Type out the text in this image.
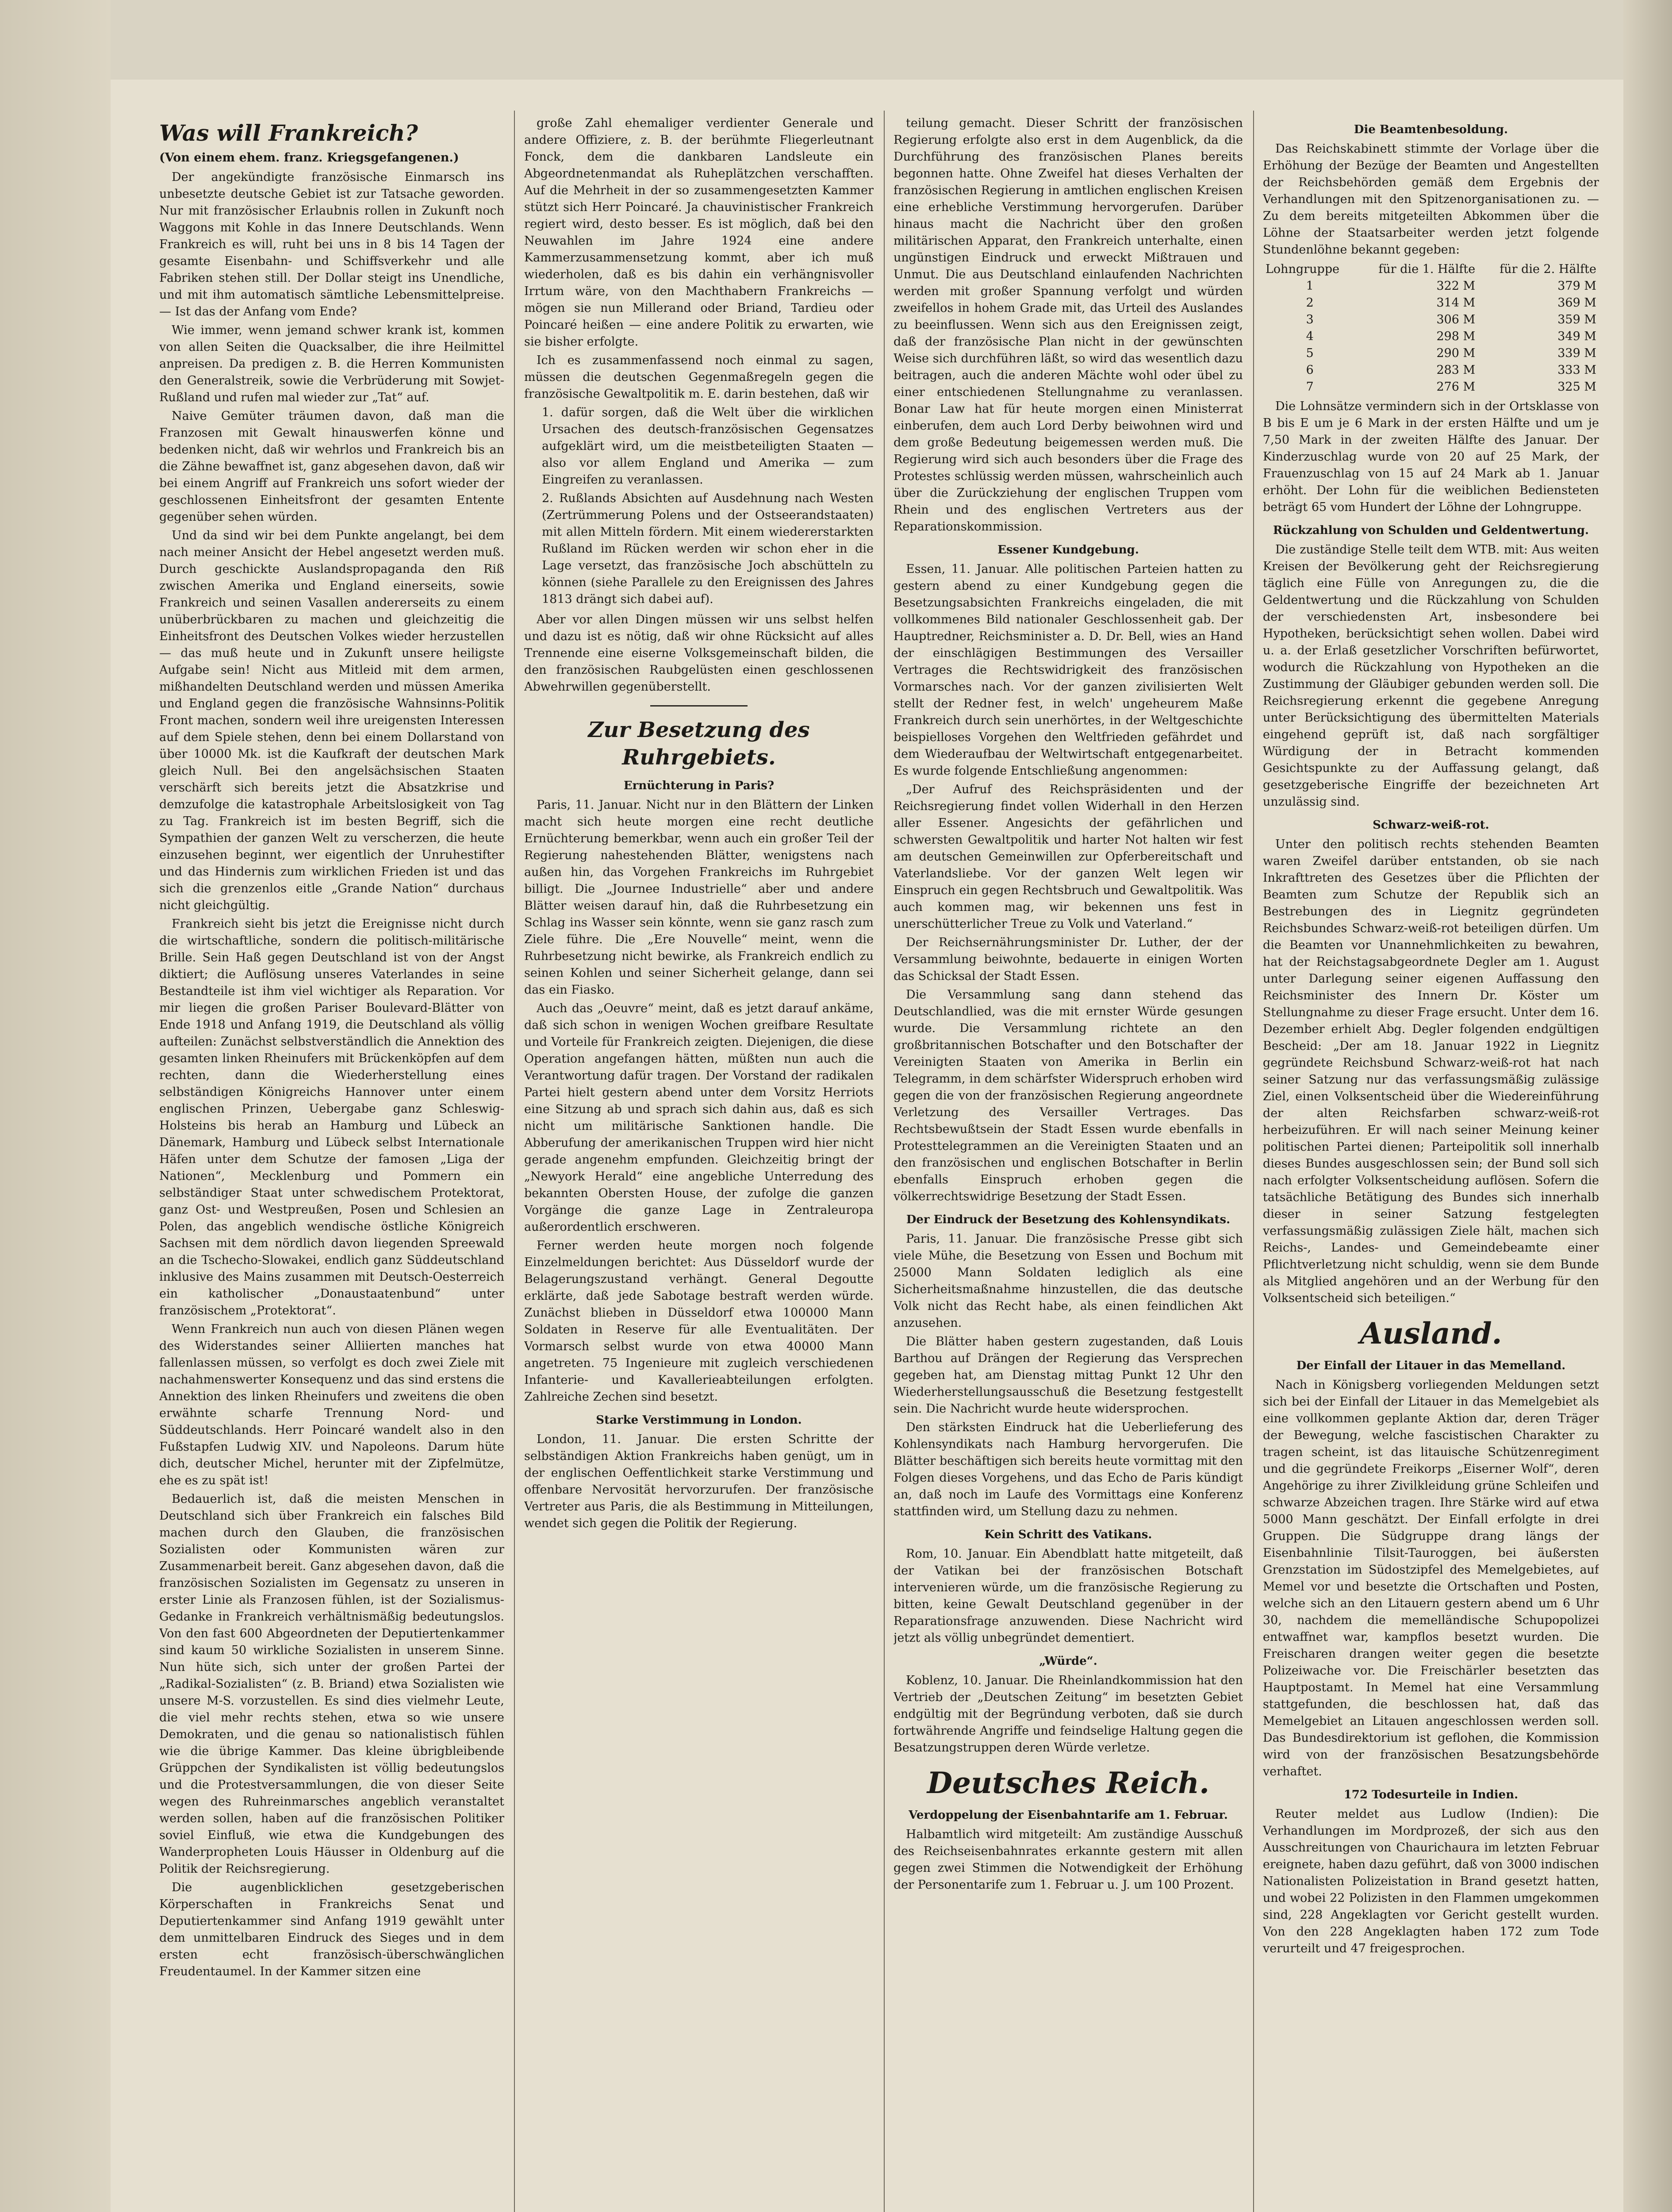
Was will Frankreich?
(Von einem ehem. franz. Kriegsgefangenen.)

Der angekündigte französische Einmarsch ins unbesetzte deutsche Gebiet ist zur Tatsache geworden. Nur mit französischer Erlaubnis rollen in Zukunft noch Waggons mit Kohle in das Innere Deutschlands. Wenn Frankreich es will, ruht bei uns in 8 bis 14 Tagen der gesamte Eisenbahn- und Schiffsverkehr und alle Fabriken stehen still. Der Dollar steigt ins Unendliche, und mit ihm automatisch sämtliche Lebensmittelpreise. — Ist das der Anfang vom Ende?

Wie immer, wenn jemand schwer krank ist, kommen von allen Seiten die Quacksalber, die ihre Heilmittel anpreisen. Da predigen z. B. die Herren Kommunisten den Generalstreik, sowie die Verbrüderung mit Sowjet-Rußland und rufen mal wieder zur „Tat“ auf.

Naive Gemüter träumen davon, daß man die Franzosen mit Gewalt hinauswerfen könne und bedenken nicht, daß wir wehrlos und Frankreich bis an die Zähne bewaffnet ist, ganz abgesehen davon, daß wir bei einem Angriff auf Frankreich uns sofort wieder der geschlossenen Einheitsfront der gesamten Entente gegenüber sehen würden.

Und da sind wir bei dem Punkte angelangt, bei dem nach meiner Ansicht der Hebel angesetzt werden muß. Durch geschickte Auslandspropaganda den Riß zwischen Amerika und England einerseits, sowie Frankreich und seinen Vasallen andererseits zu einem unüberbrückbaren zu machen und gleichzeitig die Einheitsfront des Deutschen Volkes wieder herzustellen — das muß heute und in Zukunft unsere heiligste Aufgabe sein! Nicht aus Mitleid mit dem armen, mißhandelten Deutschland werden und müssen Amerika und England gegen die französische Wahnsinns-Politik Front machen, sondern weil ihre ureigensten Interessen auf dem Spiele stehen, denn bei einem Dollarstand von über 10000 Mk. ist die Kaufkraft der deutschen Mark gleich Null. Bei den angelsächsischen Staaten verschärft sich bereits jetzt die Absatzkrise und demzufolge die katastrophale Arbeitslosigkeit von Tag zu Tag. Frankreich ist im besten Begriff, sich die Sympathien der ganzen Welt zu verscherzen, die heute einzusehen beginnt, wer eigentlich der Unruhestifter und das Hindernis zum wirklichen Frieden ist und das sich die grenzenlos eitle „Grande Nation“ durchaus nicht gleichgültig.

Frankreich sieht bis jetzt die Ereignisse nicht durch die wirtschaftliche, sondern die politisch-militärische Brille. Sein Haß gegen Deutschland ist von der Angst diktiert; die Auflösung unseres Vaterlandes in seine Bestandteile ist ihm viel wichtiger als Reparation. Vor mir liegen die großen Pariser Boulevard-Blätter von Ende 1918 und Anfang 1919, die Deutschland als völlig aufteilen: Zunächst selbstverständlich die Annektion des gesamten linken Rheinufers mit Brückenköpfen auf dem rechten, dann die Wiederherstellung eines selbständigen Königreichs Hannover unter einem englischen Prinzen, Uebergabe ganz Schleswig-Holsteins bis herab an Hamburg und Lübeck an Dänemark, Hamburg und Lübeck selbst Internationale Häfen unter dem Schutze der famosen „Liga der Nationen“, Mecklenburg und Pommern ein selbständiger Staat unter schwedischem Protektorat, ganz Ost- und Westpreußen, Posen und Schlesien an Polen, das angeblich wendische östliche Königreich Sachsen mit dem nördlich davon liegenden Spreewald an die Tschecho-Slowakei, endlich ganz Süddeutschland inklusive des Mains zusammen mit Deutsch-Oesterreich ein katholischer „Donaustaatenbund“ unter französischem „Protektorat“.

Wenn Frankreich nun auch von diesen Plänen wegen des Widerstandes seiner Alliierten manches hat fallenlassen müssen, so verfolgt es doch zwei Ziele mit nachahmenswerter Konsequenz und das sind erstens die Annektion des linken Rheinufers und zweitens die oben erwähnte scharfe Trennung Nord- und Süddeutschlands. Herr Poincaré wandelt also in den Fußstapfen Ludwig XIV. und Napoleons. Darum hüte dich, deutscher Michel, herunter mit der Zipfelmütze, ehe es zu spät ist!

Bedauerlich ist, daß die meisten Menschen in Deutschland sich über Frankreich ein falsches Bild machen durch den Glauben, die französischen Sozialisten oder Kommunisten wären zur Zusammenarbeit bereit. Ganz abgesehen davon, daß die französischen Sozialisten im Gegensatz zu unseren in erster Linie als Franzosen fühlen, ist der Sozialismus-Gedanke in Frankreich verhältnismäßig bedeutungslos. Von den fast 600 Abgeordneten der Deputiertenkammer sind kaum 50 wirkliche Sozialisten in unserem Sinne. Nun hüte sich, sich unter der großen Partei der „Radikal-Sozialisten“ (z. B. Briand) etwa Sozialisten wie unsere M-S. vorzustellen. Es sind dies vielmehr Leute, die viel mehr rechts stehen, etwa so wie unsere Demokraten, und die genau so nationalistisch fühlen wie die übrige Kammer. Das kleine übrigbleibende Grüppchen der Syndikalisten ist völlig bedeutungslos und die Protestversammlungen, die von dieser Seite wegen des Ruhreinmarsches angeblich veranstaltet werden sollen, haben auf die französischen Politiker soviel Einfluß, wie etwa die Kundgebungen des Wanderpropheten Louis Häusser in Oldenburg auf die Politik der Reichsregierung.

Die augenblicklichen gesetzgeberischen Körperschaften in Frankreichs Senat und Deputiertenkammer sind Anfang 1919 gewählt unter dem unmittelbaren Eindruck des Sieges und in dem ersten echt französisch-überschwänglichen Freudentaumel. In der Kammer sitzen eine

große Zahl ehemaliger verdienter Generale und andere Offiziere, z. B. der berühmte Fliegerleutnant Fonck, dem die dankbaren Landsleute ein Abgeordnetenmandat als Ruheplätzchen verschafften. Auf die Mehrheit in der so zusammengesetzten Kammer stützt sich Herr Poincaré. Ja chauvinistischer Frankreich regiert wird, desto besser. Es ist möglich, daß bei den Neuwahlen im Jahre 1924 eine andere Kammerzusammensetzung kommt, aber ich muß wiederholen, daß es bis dahin ein verhängnisvoller Irrtum wäre, von den Machthabern Frankreichs — mögen sie nun Millerand oder Briand, Tardieu oder Poincaré heißen — eine andere Politik zu erwarten, wie sie bisher erfolgte.

Ich es zusammenfassend noch einmal zu sagen, müssen die deutschen Gegenmaßregeln gegen die französische Gewaltpolitik m. E. darin bestehen, daß wir

1. dafür sorgen, daß die Welt über die wirklichen Ursachen des deutsch-französischen Gegensatzes aufgeklärt wird, um die meistbeteiligten Staaten — also vor allem England und Amerika — zum Eingreifen zu veranlassen.
2. Rußlands Absichten auf Ausdehnung nach Westen (Zertrümmerung Polens und der Ostseerandstaaten) mit allen Mitteln fördern. Mit einem wiedererstarkten Rußland im Rücken werden wir schon eher in die Lage versetzt, das französische Joch abschütteln zu können (siehe Parallele zu den Ereignissen des Jahres 1813 drängt sich dabei auf).

Aber vor allen Dingen müssen wir uns selbst helfen und dazu ist es nötig, daß wir ohne Rücksicht auf alles Trennende eine eiserne Volksgemeinschaft bilden, die den französischen Raubgelüsten einen geschlossenen Abwehrwillen gegenüberstellt.

Zur Besetzung des Ruhrgebiets.
Ernüchterung in Paris?

Paris, 11. Januar. Nicht nur in den Blättern der Linken macht sich heute morgen eine recht deutliche Ernüchterung bemerkbar, wenn auch ein großer Teil der Regierung nahestehenden Blätter, wenigstens nach außen hin, das Vorgehen Frankreichs im Ruhrgebiet billigt. Die „Journee Industrielle“ aber und andere Blätter weisen darauf hin, daß die Ruhrbesetzung ein Schlag ins Wasser sein könnte, wenn sie ganz rasch zum Ziele führe. Die „Ere Nouvelle“ meint, wenn die Ruhrbesetzung nicht bewirke, als Frankreich endlich zu seinen Kohlen und seiner Sicherheit gelange, dann sei das ein Fiasko.

Auch das „Oeuvre“ meint, daß es jetzt darauf ankäme, daß sich schon in wenigen Wochen greifbare Resultate und Vorteile für Frankreich zeigten. Diejenigen, die diese Operation angefangen hätten, müßten nun auch die Verantwortung dafür tragen. Der Vorstand der radikalen Partei hielt gestern abend unter dem Vorsitz Herriots eine Sitzung ab und sprach sich dahin aus, daß es sich nicht um militärische Sanktionen handle. Die Abberufung der amerikanischen Truppen wird hier nicht gerade angenehm empfunden. Gleichzeitig bringt der „Newyork Herald“ eine angebliche Unterredung des bekannten Obersten House, der zufolge die ganzen Vorgänge die ganze Lage in Zentraleuropa außerordentlich erschweren.

Ferner werden heute morgen noch folgende Einzelmeldungen berichtet: Aus Düsseldorf wurde der Belagerungszustand verhängt. General Degoutte erklärte, daß jede Sabotage bestraft werden würde. Zunächst blieben in Düsseldorf etwa 100000 Mann Soldaten in Reserve für alle Eventualitäten. Der Vormarsch selbst wurde von etwa 40000 Mann angetreten. 75 Ingenieure mit zugleich verschiedenen Infanterie- und Kavallerieabteilungen erfolgten. Zahlreiche Zechen sind besetzt.

Starke Verstimmung in London.

London, 11. Januar. Die ersten Schritte der selbständigen Aktion Frankreichs haben genügt, um in der englischen Oeffentlichkeit starke Verstimmung und offenbare Nervosität hervorzurufen. Der französische Vertreter aus Paris, die als Bestimmung in Mitteilungen, wendet sich gegen die Politik der Regierung.

teilung gemacht. Dieser Schritt der französischen Regierung erfolgte also erst in dem Augenblick, da die Durchführung des französischen Planes bereits begonnen hatte. Ohne Zweifel hat dieses Verhalten der französischen Regierung in amtlichen englischen Kreisen eine erhebliche Verstimmung hervorgerufen. Darüber hinaus macht die Nachricht über den großen militärischen Apparat, den Frankreich unterhalte, einen ungünstigen Eindruck und erweckt Mißtrauen und Unmut. Die aus Deutschland einlaufenden Nachrichten werden mit großer Spannung verfolgt und würden zweifellos in hohem Grade mit, das Urteil des Auslandes zu beeinflussen. Wenn sich aus den Ereignissen zeigt, daß der französische Plan nicht in der gewünschten Weise sich durchführen läßt, so wird das wesentlich dazu beitragen, auch die anderen Mächte wohl oder übel zu einer entschiedenen Stellungnahme zu veranlassen. Bonar Law hat für heute morgen einen Ministerrat einberufen, dem auch Lord Derby beiwohnen wird und dem große Bedeutung beigemessen werden muß. Die Regierung wird sich auch besonders über die Frage des Protestes schlüssig werden müssen, wahrscheinlich auch über die Zurückziehung der englischen Truppen vom Rhein und des englischen Vertreters aus der Reparationskommission.

Essener Kundgebung.

Essen, 11. Januar. Alle politischen Parteien hatten zu gestern abend zu einer Kundgebung gegen die Besetzungsabsichten Frankreichs eingeladen, die mit vollkommenes Bild nationaler Geschlossenheit gab. Der Hauptredner, Reichsminister a. D. Dr. Bell, wies an Hand der einschlägigen Bestimmungen des Versailler Vertrages die Rechtswidrigkeit des französischen Vormarsches nach. Vor der ganzen zivilisierten Welt stellt der Redner fest, in welch' ungeheurem Maße Frankreich durch sein unerhörtes, in der Weltgeschichte beispielloses Vorgehen den Weltfrieden gefährdet und dem Wiederaufbau der Weltwirtschaft entgegenarbeitet. Es wurde folgende Entschließung angenommen:

„Der Aufruf des Reichspräsidenten und der Reichsregierung findet vollen Widerhall in den Herzen aller Essener. Angesichts der gefährlichen und schwersten Gewaltpolitik und harter Not halten wir fest am deutschen Gemeinwillen zur Opferbereitschaft und Vaterlandsliebe. Vor der ganzen Welt legen wir Einspruch ein gegen Rechtsbruch und Gewaltpolitik. Was auch kommen mag, wir bekennen uns fest in unerschütterlicher Treue zu Volk und Vaterland.“

Der Reichsernährungsminister Dr. Luther, der der Versammlung beiwohnte, bedauerte in einigen Worten das Schicksal der Stadt Essen.

Die Versammlung sang dann stehend das Deutschlandlied, was die mit ernster Würde gesungen wurde. Die Versammlung richtete an den großbritannischen Botschafter und den Botschafter der Vereinigten Staaten von Amerika in Berlin ein Telegramm, in dem schärfster Widerspruch erhoben wird gegen die von der französischen Regierung angeordnete Verletzung des Versailler Vertrages. Das Rechtsbewußtsein der Stadt Essen wurde ebenfalls in Protesttelegrammen an die Vereinigten Staaten und an den französischen und englischen Botschafter in Berlin ebenfalls Einspruch erhoben gegen die völkerrechtswidrige Besetzung der Stadt Essen.

Der Eindruck der Besetzung des Kohlensyndikats.

Paris, 11. Januar. Die französische Presse gibt sich viele Mühe, die Besetzung von Essen und Bochum mit 25000 Mann Soldaten lediglich als eine Sicherheitsmaßnahme hinzustellen, die das deutsche Volk nicht das Recht habe, als einen feindlichen Akt anzusehen.

Die Blätter haben gestern zugestanden, daß Louis Barthou auf Drängen der Regierung das Versprechen gegeben hat, am Dienstag mittag Punkt 12 Uhr den Wiederherstellungsausschuß die Besetzung festgestellt sein. Die Nachricht wurde heute widersprochen.

Den stärksten Eindruck hat die Ueberlieferung des Kohlensyndikats nach Hamburg hervorgerufen. Die Blätter beschäftigen sich bereits heute vormittag mit den Folgen dieses Vorgehens, und das Echo de Paris kündigt an, daß noch im Laufe des Vormittags eine Konferenz stattfinden wird, um Stellung dazu zu nehmen.

Kein Schritt des Vatikans.

Rom, 10. Januar. Ein Abendblatt hatte mitgeteilt, daß der Vatikan bei der französischen Botschaft intervenieren würde, um die französische Regierung zu bitten, keine Gewalt Deutschland gegenüber in der Reparationsfrage anzuwenden. Diese Nachricht wird jetzt als völlig unbegründet dementiert.

„Würde“.

Koblenz, 10. Januar. Die Rheinlandkommission hat den Vertrieb der „Deutschen Zeitung“ im besetzten Gebiet endgültig mit der Begründung verboten, daß sie durch fortwährende Angriffe und feindselige Haltung gegen die Besatzungstruppen deren Würde verletze.

Deutsches Reich.
Verdoppelung der Eisenbahntarife am 1. Februar.

Halbamtlich wird mitgeteilt: Am zuständige Ausschuß des Reichseisenbahnrates erkannte gestern mit allen gegen zwei Stimmen die Notwendigkeit der Erhöhung der Personentarife zum 1. Februar u. J. um 100 Prozent.

Die Beamtenbesoldung.

Das Reichskabinett stimmte der Vorlage über die Erhöhung der Bezüge der Beamten und Angestellten der Reichsbehörden gemäß dem Ergebnis der Verhandlungen mit den Spitzenorganisationen zu. — Zu dem bereits mitgeteilten Abkommen über die Löhne der Staatsarbeiter werden jetzt folgende Stundenlöhne bekannt gegeben:

Lohngruppe	für die 1. Hälfte	für die 2. Hälfte
1	322 M	379 M
2	314 M	369 M
3	306 M	359 M
4	298 M	349 M
5	290 M	339 M
6	283 M	333 M
7	276 M	325 M

Die Lohnsätze vermindern sich in der Ortsklasse von B bis E um je 6 Mark in der ersten Hälfte und um je 7,50 Mark in der zweiten Hälfte des Januar. Der Kinderzuschlag wurde von 20 auf 25 Mark, der Frauenzuschlag von 15 auf 24 Mark ab 1. Januar erhöht. Der Lohn für die weiblichen Bediensteten beträgt 65 vom Hundert der Löhne der Lohngruppe.

Rückzahlung von Schulden und Geldentwertung.

Die zuständige Stelle teilt dem WTB. mit: Aus weiten Kreisen der Bevölkerung geht der Reichsregierung täglich eine Fülle von Anregungen zu, die die Geldentwertung und die Rückzahlung von Schulden der verschiedensten Art, insbesondere bei Hypotheken, berücksichtigt sehen wollen. Dabei wird u. a. der Erlaß gesetzlicher Vorschriften befürwortet, wodurch die Rückzahlung von Hypotheken an die Zustimmung der Gläubiger gebunden werden soll. Die Reichsregierung erkennt die gegebene Anregung unter Berücksichtigung des übermittelten Materials eingehend geprüft ist, daß nach sorgfältiger Würdigung der in Betracht kommenden Gesichtspunkte zu der Auffassung gelangt, daß gesetzgeberische Eingriffe der bezeichneten Art unzulässig sind.

Schwarz-weiß-rot.

Unter den politisch rechts stehenden Beamten waren Zweifel darüber entstanden, ob sie nach Inkrafttreten des Gesetzes über die Pflichten der Beamten zum Schutze der Republik sich an Bestrebungen des in Liegnitz gegründeten Reichsbundes Schwarz-weiß-rot beteiligen dürfen. Um die Beamten vor Unannehmlichkeiten zu bewahren, hat der Reichstagsabgeordnete Degler am 1. August unter Darlegung seiner eigenen Auffassung den Reichsminister des Innern Dr. Köster um Stellungnahme zu dieser Frage ersucht. Unter dem 16. Dezember erhielt Abg. Degler folgenden endgültigen Bescheid: „Der am 18. Januar 1922 in Liegnitz gegründete Reichsbund Schwarz-weiß-rot hat nach seiner Satzung nur das verfassungsmäßig zulässige Ziel, einen Volksentscheid über die Wiedereinführung der alten Reichsfarben schwarz-weiß-rot herbeizuführen. Er will nach seiner Meinung keiner politischen Partei dienen; Parteipolitik soll innerhalb dieses Bundes ausgeschlossen sein; der Bund soll sich nach erfolgter Volksentscheidung auflösen. Sofern die tatsächliche Betätigung des Bundes sich innerhalb dieser in seiner Satzung festgelegten verfassungsmäßig zulässigen Ziele hält, machen sich Reichs-, Landes- und Gemeindebeamte einer Pflichtverletzung nicht schuldig, wenn sie dem Bunde als Mitglied angehören und an der Werbung für den Volksentscheid sich beteiligen.“

Ausland.
Der Einfall der Litauer in das Memelland.

Nach in Königsberg vorliegenden Meldungen setzt sich bei der Einfall der Litauer in das Memelgebiet als eine vollkommen geplante Aktion dar, deren Träger der Bewegung, welche fascistischen Charakter zu tragen scheint, ist das litauische Schützenregiment und die gegründete Freikorps „Eiserner Wolf“, deren Angehörige zu ihrer Zivilkleidung grüne Schleifen und schwarze Abzeichen tragen. Ihre Stärke wird auf etwa 5000 Mann geschätzt. Der Einfall erfolgte in drei Gruppen. Die Südgruppe drang längs der Eisenbahnlinie Tilsit-Tauroggen, bei äußersten Grenzstation im Südostzipfel des Memelgebietes, auf Memel vor und besetzte die Ortschaften und Posten, welche sich an den Litauern gestern abend um 6 Uhr 30, nachdem die memelländische Schupopolizei entwaffnet war, kampflos besetzt wurden. Die Freischaren drangen weiter gegen die besetzte Polizeiwache vor. Die Freischärler besetzten das Hauptpostamt. In Memel hat eine Versammlung stattgefunden, die beschlossen hat, daß das Memelgebiet an Litauen angeschlossen werden soll. Das Bundesdirektorium ist geflohen, die Kommission wird von der französischen Besatzungsbehörde verhaftet.

172 Todesurteile in Indien.

Reuter meldet aus Ludlow (Indien): Die Verhandlungen im Mordprozeß, der sich aus den Ausschreitungen von Chaurichaura im letzten Februar ereignete, haben dazu geführt, daß von 3000 indischen Nationalisten Polizeistation in Brand gesetzt hatten, und wobei 22 Polizisten in den Flammen umgekommen sind, 228 Angeklagten vor Gericht gestellt wurden. Von den 228 Angeklagten haben 172 zum Tode verurteilt und 47 freigesprochen.
